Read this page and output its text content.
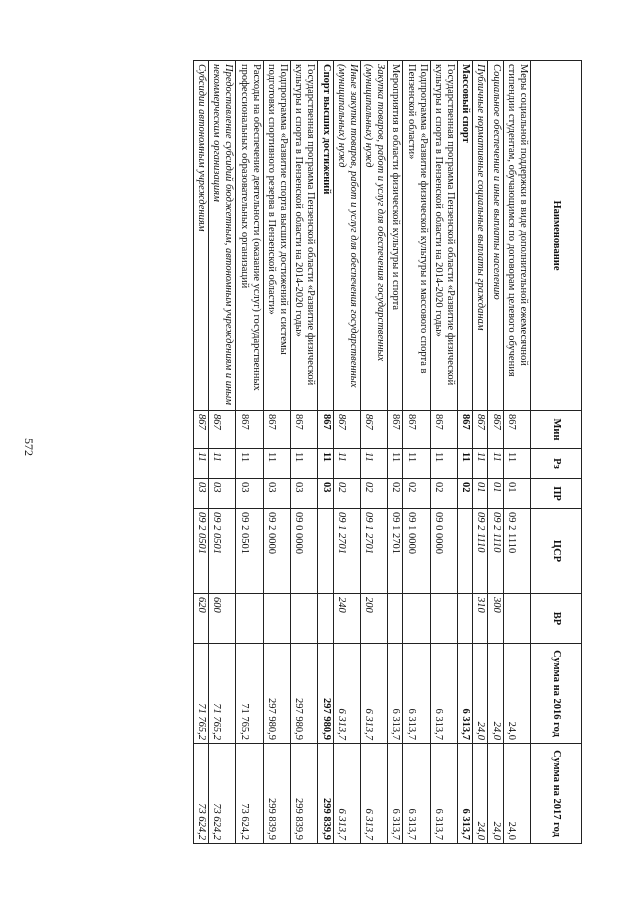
572
Наименование	Мин	Рз	ПР	ЦСР	ВР	Сумма на 2016 год	Сумма на 2017 год
Меры социальной поддержки в виде дополнительной ежемесячной стипендии студентам, обучающимся по договорам целевого обучения	867	11	01	09 2 1110		24,0	24,0
Социальное обеспечение и иные выплаты населению	867	11	01	09 2 1110	300	24,0	24,0
Публичные нормативные социальные выплаты гражданам	867	11	01	09 2 1110	310	24,0	24,0
Массовый спорт	867	11	02			6 313,7	6 313,7
Государственная программа Пензенской области «Развитие физической культуры и спорта в Пензенской области на 2014-2020 годы»	867	11	02	09 0 0000		6 313,7	6 313,7
Подпрограмма «Развитие физической культуры и массового спорта в Пензенской области»	867	11	02	09 1 0000		6 313,7	6 313,7
Мероприятия в области физической культуры и спорта	867	11	02	09 1 2701		6 313,7	6 313,7
Закупка товаров, работ и услуг для обеспечения государственных (муниципальных) нужд	867	11	02	09 1 2701	200	6 313,7	6 313,7
Иные закупки товаров, работ и услуг для обеспечения государственных (муниципальных) нужд	867	11	02	09 1 2701	240	6 313,7	6 313,7
Спорт высших достижений	867	11	03			297 980,9	299 839,9
Государственная программа Пензенской области «Развитие физической культуры и спорта в Пензенской области на 2014-2020 годы»	867	11	03	09 0 0000		297 980,9	299 839,9
Подпрограмма «Развитие спорта высших достижений и системы подготовки спортивного резерва в Пензенской области»	867	11	03	09 2 0000		297 980,9	299 839,9
Расходы на обеспечение деятельности (оказание услуг) государственных профессиональных образовательных организаций	867	11	03	09 2 0501		71 765,2	73 624,2
Предоставление субсидий бюджетным, автономным учреждениям и иным некоммерческим организациям	867	11	03	09 2 0501	600	71 765,2	73 624,2
Субсидии автономным учреждениям	867	11	03	09 2 0501	620	71 765,2	73 624,2
